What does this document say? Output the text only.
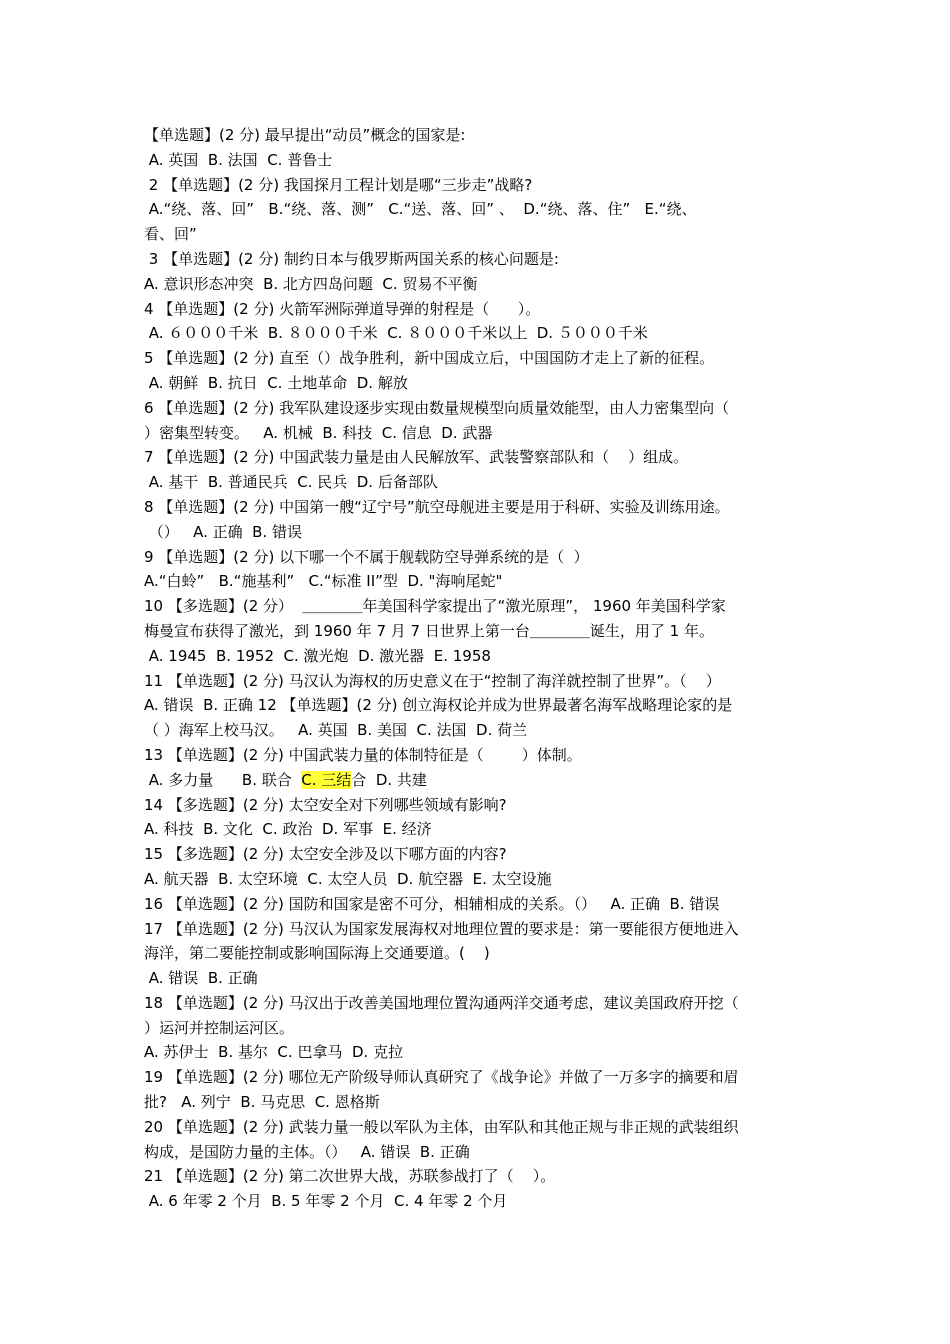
【单选题】(2 分) 最早提出“动员”概念的国家是:
A. 英国  B. 法国  C. 普鲁士
2 【单选题】(2 分) 我国探月工程计划是哪“三步走”战略?
A.“绕、落、回”   B.“绕、落、测”   C.“送、落、回” 、  D.“绕、落、住”   E.“绕、
看、回”
3 【单选题】(2 分) 制约日本与俄罗斯两国关系的核心问题是:
A. 意识形态冲突  B. 北方四岛问题  C. 贸易不平衡
4 【单选题】(2 分) 火箭军洲际弹道导弹的射程是（      ）。
A. ６０００千米  B. ８０００千米  C. ８０００千米以上  D. ５０００千米
5 【单选题】(2 分) 直至（）战争胜利，新中国成立后，中国国防才走上了新的征程。
A. 朝鲜  B. 抗日  C. 土地革命  D. 解放
6 【单选题】(2 分) 我军队建设逐步实现由数量规模型向质量效能型，由人力密集型向（
）密集型转变。   A. 机械  B. 科技  C. 信息  D. 武器
7 【单选题】(2 分) 中国武装力量是由人民解放军、武装警察部队和（    ）组成。
A. 基干  B. 普通民兵  C. 民兵  D. 后备部队
8 【单选题】(2 分) 中国第一艘“辽宁号”航空母舰进主要是用于科研、实验及训练用途。
（）   A. 正确  B. 错误
9 【单选题】(2 分) 以下哪一个不属于舰载防空导弹系统的是（  ）
A.“白蛉”   B.“施基利”   C.“标准 II”型  D. "海响尾蛇"
10 【多选题】(2 分）  ＿＿＿＿年美国科学家提出了“激光原理”， 1960 年美国科学家
梅曼宣布获得了激光，到 1960 年 7 月 7 日世界上第一台＿＿＿＿诞生，用了 1 年。
A. 1945  B. 1952  C. 激光炮  D. 激光器  E. 1958
11 【单选题】(2 分) 马汉认为海权的历史意义在于“控制了海洋就控制了世界”。（    ）
A. 错误  B. 正确 12 【单选题】(2 分) 创立海权论并成为世界最著名海军战略理论家的是
（ ）海军上校马汉。   A. 英国  B. 美国  C. 法国  D. 荷兰
13 【单选题】(2 分) 中国武装力量的体制特征是（        ）体制。
A. 多力量      B. 联合  C. 三结合  D. 共建
14 【多选题】(2 分) 太空安全对下列哪些领域有影响?
A. 科技  B. 文化  C. 政治  D. 军事  E. 经济
15 【多选题】(2 分) 太空安全涉及以下哪方面的内容?
A. 航天器  B. 太空环境  C. 太空人员  D. 航空器  E. 太空设施
16 【单选题】(2 分) 国防和国家是密不可分，相辅相成的关系。（）   A. 正确  B. 错误
17 【单选题】(2 分) 马汉认为国家发展海权对地理位置的要求是：第一要能很方便地进入
海洋，第二要能控制或影响国际海上交通要道。(    )
A. 错误  B. 正确
18 【单选题】(2 分) 马汉出于改善美国地理位置沟通两洋交通考虑，建议美国政府开挖（
）运河并控制运河区。
A. 苏伊士  B. 基尔  C. 巴拿马  D. 克拉
19 【单选题】(2 分) 哪位无产阶级导师认真研究了《战争论》并做了一万多字的摘要和眉
批?   A. 列宁  B. 马克思  C. 恩格斯
20 【单选题】(2 分) 武装力量一般以军队为主体，由军队和其他正规与非正规的武装组织
构成，是国防力量的主体。（）   A. 错误  B. 正确
21 【单选题】(2 分) 第二次世界大战，苏联参战打了（    ）。
A. 6 年零 2 个月  B. 5 年零 2 个月  C. 4 年零 2 个月
